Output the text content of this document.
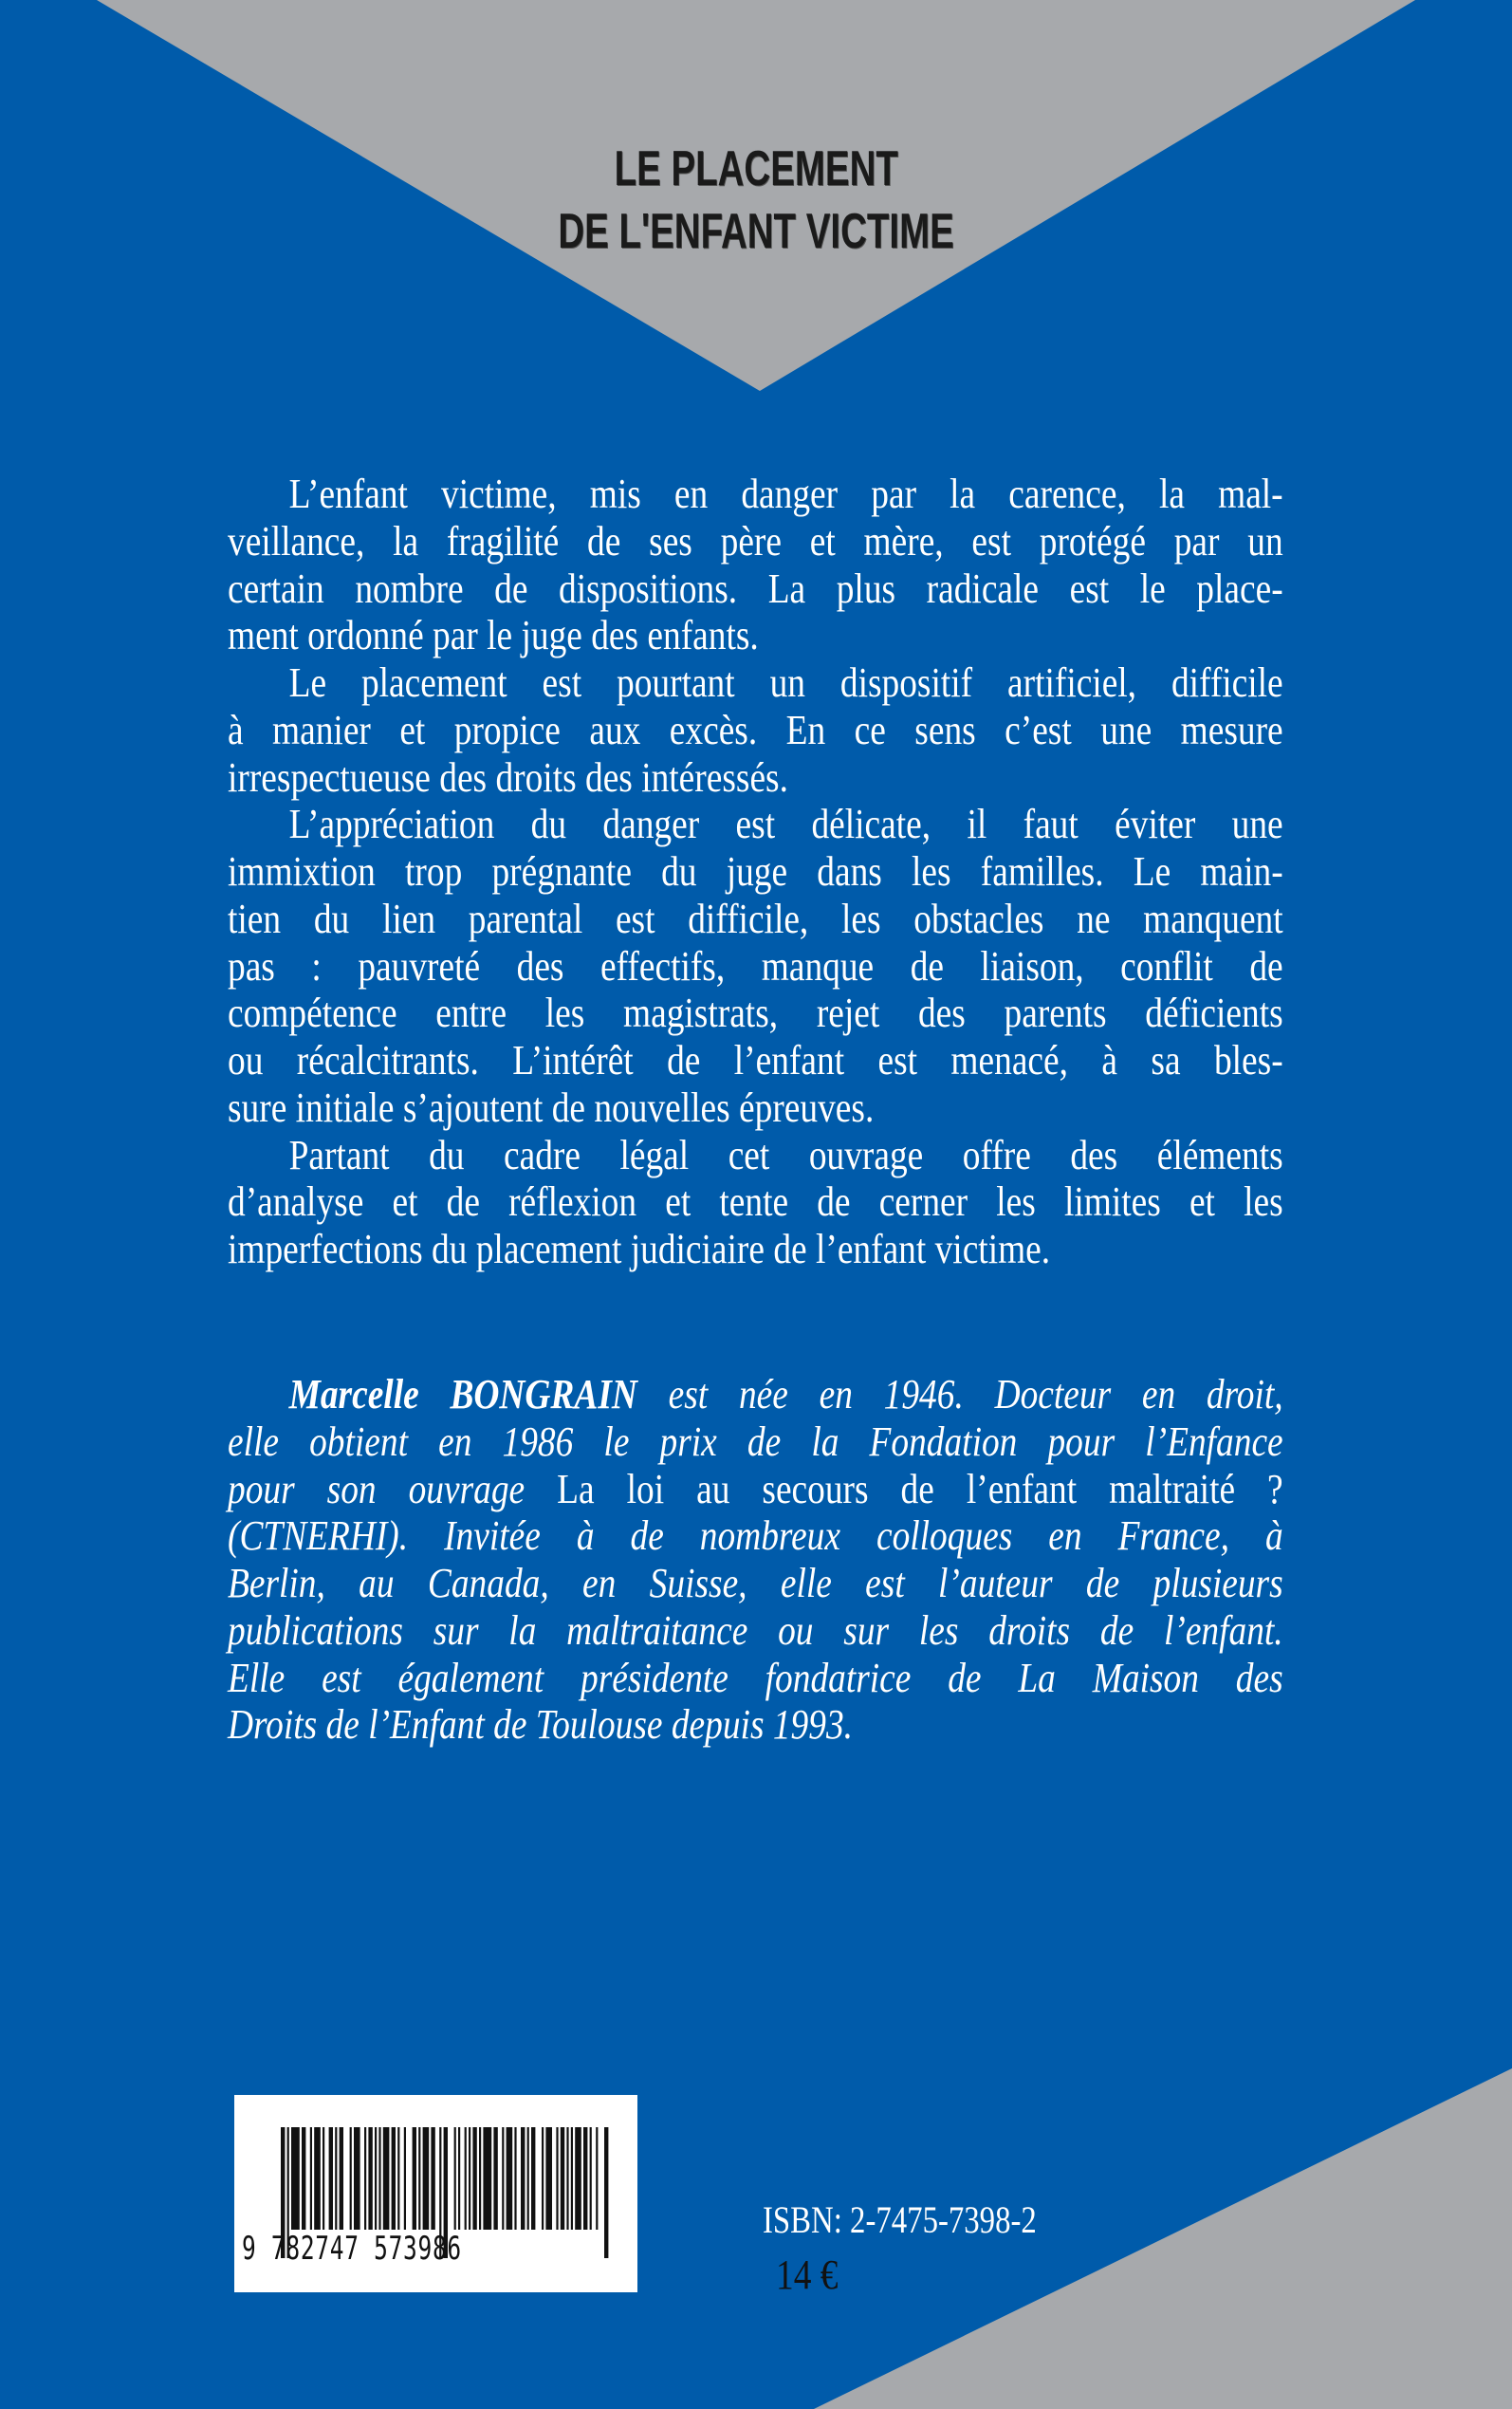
LE PLACEMENT
DE L'ENFANT VICTIME
L’enfant victime, mis en danger par la carence, la mal-
veillance, la fragilité de ses père et mère, est protégé par un
certain nombre de dispositions. La plus radicale est le place-
ment ordonné par le juge des enfants.
Le placement est pourtant un dispositif artificiel, difficile
à manier et propice aux excès. En ce sens c’est une mesure
irrespectueuse des droits des intéressés.
L’appréciation du danger est délicate, il faut éviter une
immixtion trop prégnante du juge dans les familles. Le main-
tien du lien parental est difficile, les obstacles ne manquent
pas : pauvreté des effectifs, manque de liaison, conflit de
compétence entre les magistrats, rejet des parents déficients
ou récalcitrants. L’intérêt de l’enfant est menacé, à sa bles-
sure initiale s’ajoutent de nouvelles épreuves.
Partant du cadre légal cet ouvrage offre des éléments
d’analyse et de réflexion et tente de cerner les limites et les
imperfections du placement judiciaire de l’enfant victime.
Marcelle BONGRAIN est née en 1946. Docteur en droit,
elle obtient en 1986 le prix de la Fondation pour l’Enfance
pour son ouvrage La loi au secours de l’enfant maltraité ?
(CTNERHI). Invitée à de nombreux colloques en France, à
Berlin, au Canada, en Suisse, elle est l’auteur de plusieurs
publications sur la maltraitance ou sur les droits de l’enfant.
Elle est également présidente fondatrice de La Maison des
Droits de l’Enfant de Toulouse depuis 1993.
9 782747 573986
ISBN: 2-7475-7398-2
14 €
